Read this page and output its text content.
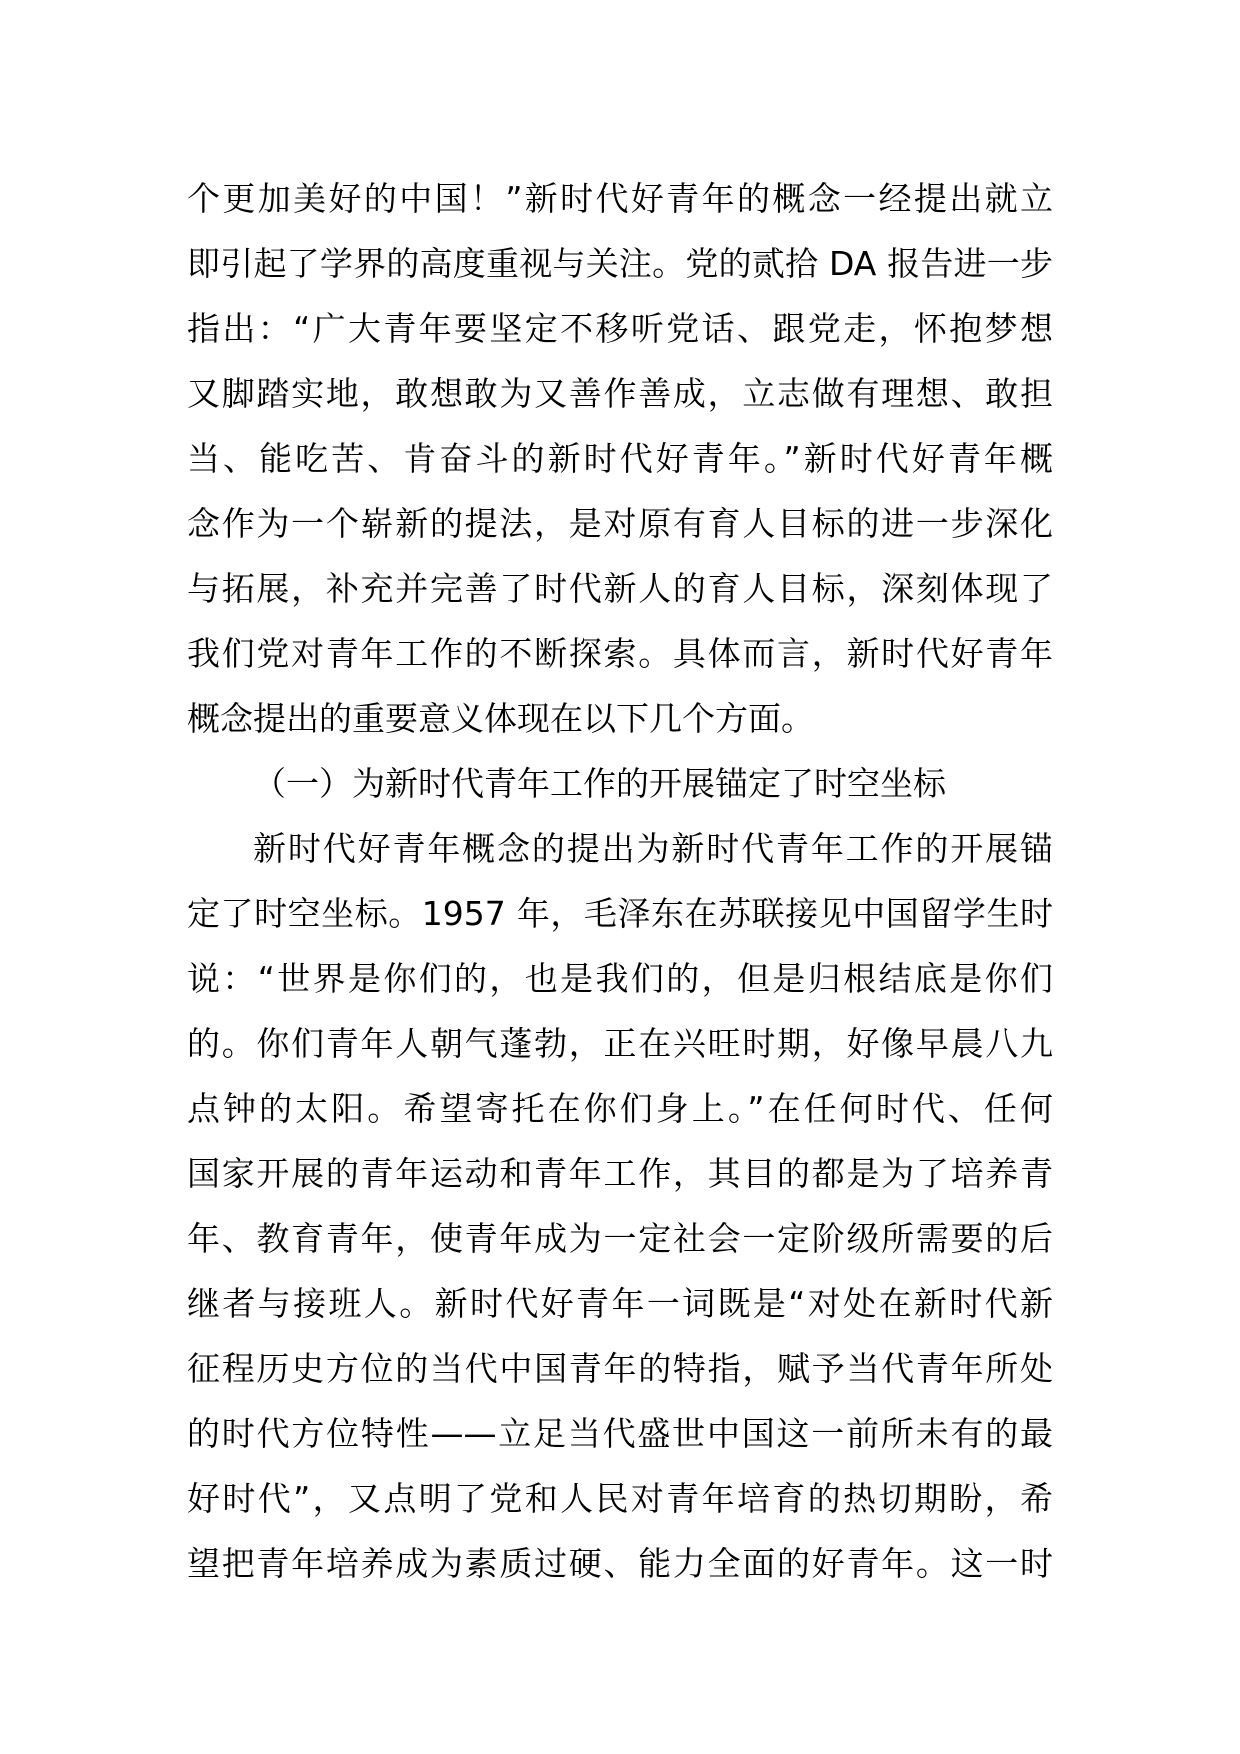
个更加美好的中国！”新时代好青年的概念一经提出就立
即引起了学界的高度重视与关注。党的贰拾 DA 报告进一步
指出：“广大青年要坚定不移听党话、跟党走，怀抱梦想
又脚踏实地，敢想敢为又善作善成，立志做有理想、敢担
当、能吃苦、肯奋斗的新时代好青年。”新时代好青年概
念作为一个崭新的提法，是对原有育人目标的进一步深化
与拓展，补充并完善了时代新人的育人目标，深刻体现了
我们党对青年工作的不断探索。具体而言，新时代好青年
概念提出的重要意义体现在以下几个方面。
（一）为新时代青年工作的开展锚定了时空坐标
新时代好青年概念的提出为新时代青年工作的开展锚
定了时空坐标。1957 年，毛泽东在苏联接见中国留学生时
说：“世界是你们的，也是我们的，但是归根结底是你们
的。你们青年人朝气蓬勃，正在兴旺时期，好像早晨八九
点钟的太阳。希望寄托在你们身上。”在任何时代、任何
国家开展的青年运动和青年工作，其目的都是为了培养青
年、教育青年，使青年成为一定社会一定阶级所需要的后
继者与接班人。新时代好青年一词既是“对处在新时代新
征程历史方位的当代中国青年的特指，赋予当代青年所处
的时代方位特性——立足当代盛世中国这一前所未有的最
好时代”，又点明了党和人民对青年培育的热切期盼，希
望把青年培养成为素质过硬、能力全面的好青年。这一时
